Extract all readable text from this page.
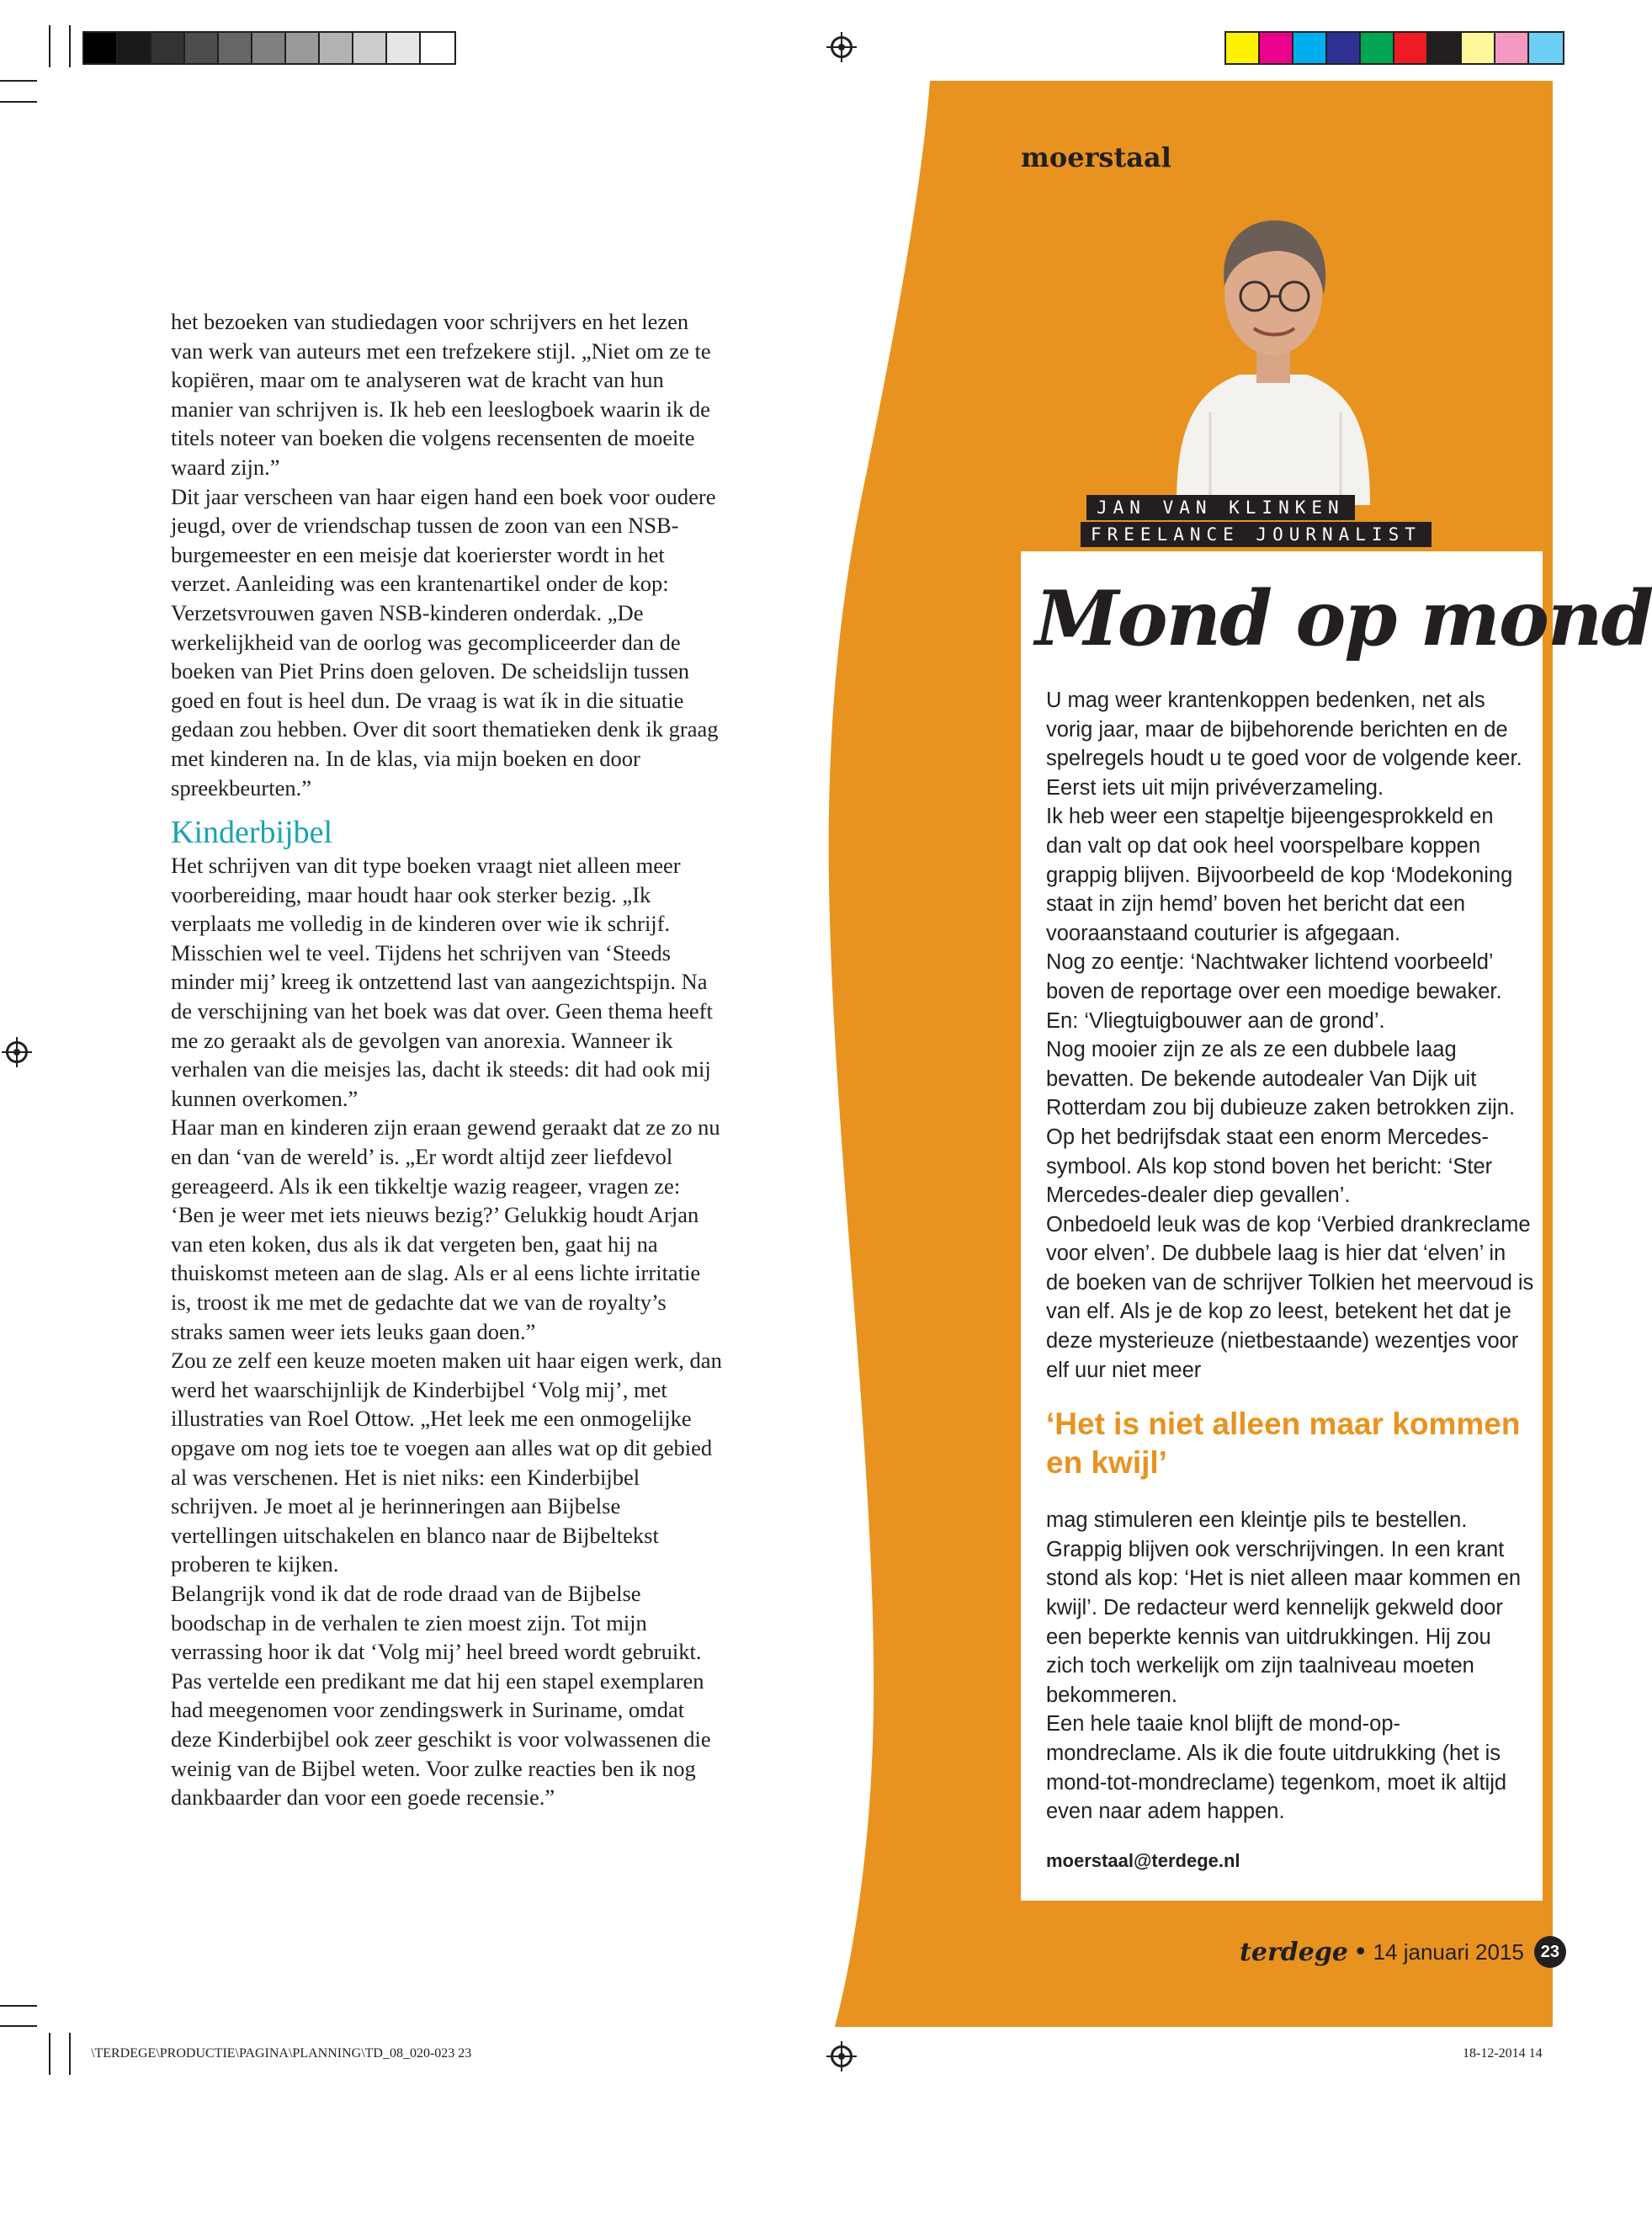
het bezoeken van studiedagen voor schrijvers en het lezen van werk van auteurs met een trefzekere stijl. „Niet om ze te kopiëren, maar om te analyseren wat de kracht van hun manier van schrijven is. Ik heb een leeslogboek waarin ik de titels noteer van boeken die volgens recensenten de moeite waard zijn.”

Dit jaar verscheen van haar eigen hand een boek voor oudere jeugd, over de vriendschap tussen de zoon van een NSB-burgemeester en een meisje dat koerierster wordt in het verzet. Aanleiding was een krantenartikel onder de kop: Verzetsvrouwen gaven NSB-kinderen onderdak. „De werkelijkheid van de oorlog was gecompliceerder dan de boeken van Piet Prins doen geloven. De scheidslijn tussen goed en fout is heel dun. De vraag is wat ík in die situatie gedaan zou hebben. Over dit soort thematieken denk ik graag met kinderen na. In de klas, via mijn boeken en door spreekbeurten.”

Kinderbijbel

Het schrijven van dit type boeken vraagt niet alleen meer voorbereiding, maar houdt haar ook sterker bezig. „Ik verplaats me volledig in de kinderen over wie ik schrijf. Misschien wel te veel. Tijdens het schrijven van ‘Steeds minder mij’ kreeg ik ontzettend last van aangezichtspijn. Na de verschijning van het boek was dat over. Geen thema heeft me zo geraakt als de gevolgen van anorexia. Wanneer ik verhalen van die meisjes las, dacht ik steeds: dit had ook mij kunnen overkomen.”

Haar man en kinderen zijn eraan gewend geraakt dat ze zo nu en dan ‘van de wereld’ is. „Er wordt altijd zeer liefdevol gereageerd. Als ik een tikkeltje wazig reageer, vragen ze: ‘Ben je weer met iets nieuws bezig?’ Gelukkig houdt Arjan van eten koken, dus als ik dat vergeten ben, gaat hij na thuiskomst meteen aan de slag. Als er al eens lichte irritatie is, troost ik me met de gedachte dat we van de royalty’s straks samen weer iets leuks gaan doen.”

Zou ze zelf een keuze moeten maken uit haar eigen werk, dan werd het waarschijnlijk de Kinderbijbel ‘Volg mij’, met illustraties van Roel Ottow. „Het leek me een onmogelijke opgave om nog iets toe te voegen aan alles wat op dit gebied al was verschenen. Het is niet niks: een Kinderbijbel schrijven. Je moet al je herinneringen aan Bijbelse vertellingen uitschakelen en blanco naar de Bijbeltekst proberen te kijken.

Belangrijk vond ik dat de rode draad van de Bijbelse boodschap in de verhalen te zien moest zijn. Tot mijn verrassing hoor ik dat ‘Volg mij’ heel breed wordt gebruikt. Pas vertelde een predikant me dat hij een stapel exemplaren had meegenomen voor zendingswerk in Suriname, omdat deze Kinderbijbel ook zeer geschikt is voor volwassenen die weinig van de Bijbel weten. Voor zulke reacties ben ik nog dankbaarder dan voor een goede recensie.”

moerstaal
JAN VAN KLINKEN
FREELANCE JOURNALIST
Mond op mond

U mag weer krantenkoppen bedenken, net als vorig jaar, maar de bijbehorende berichten en de spelregels houdt u te goed voor de volgende keer. Eerst iets uit mijn privéverzameling.

Ik heb weer een stapeltje bijeengesprokkeld en dan valt op dat ook heel voorspelbare koppen grappig blijven. Bijvoorbeeld de kop ‘Modekoning staat in zijn hemd’ boven het bericht dat een vooraanstaand couturier is afgegaan.

Nog zo eentje: ‘Nachtwaker lichtend voorbeeld’ boven de reportage over een moedige bewaker. En: ‘Vliegtuigbouwer aan de grond’.

Nog mooier zijn ze als ze een dubbele laag bevatten. De bekende autodealer Van Dijk uit Rotterdam zou bij dubieuze zaken betrokken zijn. Op het bedrijfsdak staat een enorm Mercedes-symbool. Als kop stond boven het bericht: ‘Ster Mercedes-dealer diep gevallen’.

Onbedoeld leuk was de kop ‘Verbied drankreclame voor elven’. De dubbele laag is hier dat ‘elven’ in de boeken van de schrijver Tolkien het meervoud is van elf. Als je de kop zo leest, betekent het dat je deze mysterieuze (nietbestaande) wezentjes voor elf uur niet meer

‘Het is niet alleen maar kommen en kwijl’

mag stimuleren een kleintje pils te bestellen.

Grappig blijven ook verschrijvingen. In een krant stond als kop: ‘Het is niet alleen maar kommen en kwijl’. De redacteur werd kennelijk gekweld door een beperkte kennis van uitdrukkingen. Hij zou zich toch werkelijk om zijn taalniveau moeten bekommeren.

Een hele taaie knol blijft de mond-op-mondreclame. Als ik die foute uitdrukking (het is mond-tot-mondreclame) tegenkom, moet ik altijd even naar adem happen.

moerstaal@terdege.nl

terdege • 14 januari 2015 23
\TERDEGE\PRODUCTIE\PAGINA\PLANNING\TD_08_020-023 23	18-12-2014 14
